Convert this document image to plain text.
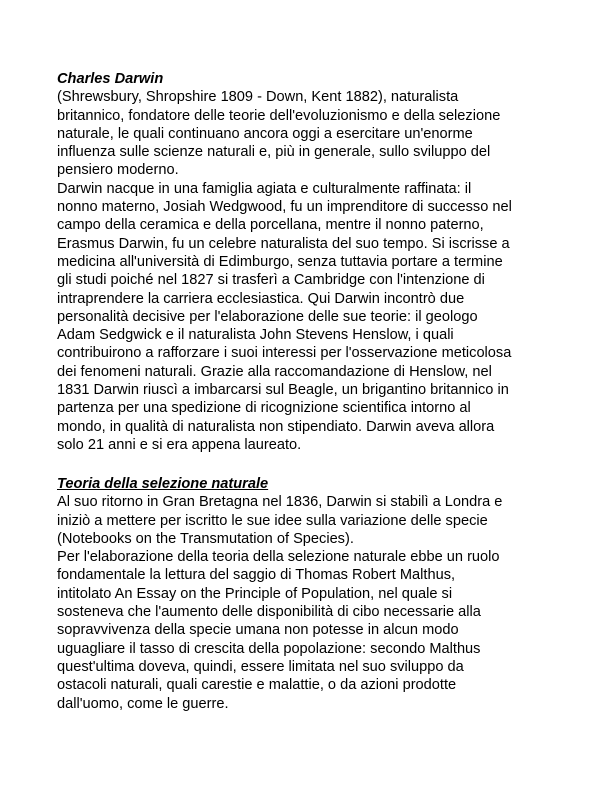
Charles Darwin
(Shrewsbury, Shropshire 1809 - Down, Kent 1882), naturalista
britannico, fondatore delle teorie dell'evoluzionismo e della selezione
naturale, le quali continuano ancora oggi a esercitare un'enorme
influenza sulle scienze naturali e, più in generale, sullo sviluppo del
pensiero moderno.
Darwin nacque in una famiglia agiata e culturalmente raffinata: il
nonno materno, Josiah Wedgwood, fu un imprenditore di successo nel
campo della ceramica e della porcellana, mentre il nonno paterno,
Erasmus Darwin, fu un celebre naturalista del suo tempo. Si iscrisse a
medicina all'università di Edimburgo, senza tuttavia portare a termine
gli studi poiché nel 1827 si trasferì a Cambridge con l'intenzione di
intraprendere la carriera ecclesiastica. Qui Darwin incontrò due
personalità decisive per l'elaborazione delle sue teorie: il geologo
Adam Sedgwick e il naturalista John Stevens Henslow, i quali
contribuirono a rafforzare i suoi interessi per l'osservazione meticolosa
dei fenomeni naturali. Grazie alla raccomandazione di Henslow, nel
1831 Darwin riuscì a imbarcarsi sul Beagle, un brigantino britannico in
partenza per una spedizione di ricognizione scientifica intorno al
mondo, in qualità di naturalista non stipendiato. Darwin aveva allora
solo 21 anni e si era appena laureato.
Teoria della selezione naturale
Al suo ritorno in Gran Bretagna nel 1836, Darwin si stabilì a Londra e
iniziò a mettere per iscritto le sue idee sulla variazione delle specie
(Notebooks on the Transmutation of Species).
Per l'elaborazione della teoria della selezione naturale ebbe un ruolo
fondamentale la lettura del saggio di Thomas Robert Malthus,
intitolato An Essay on the Principle of Population, nel quale si
sosteneva che l'aumento delle disponibilità di cibo necessarie alla
sopravvivenza della specie umana non potesse in alcun modo
uguagliare il tasso di crescita della popolazione: secondo Malthus
quest'ultima doveva, quindi, essere limitata nel suo sviluppo da
ostacoli naturali, quali carestie e malattie, o da azioni prodotte
dall'uomo, come le guerre.
